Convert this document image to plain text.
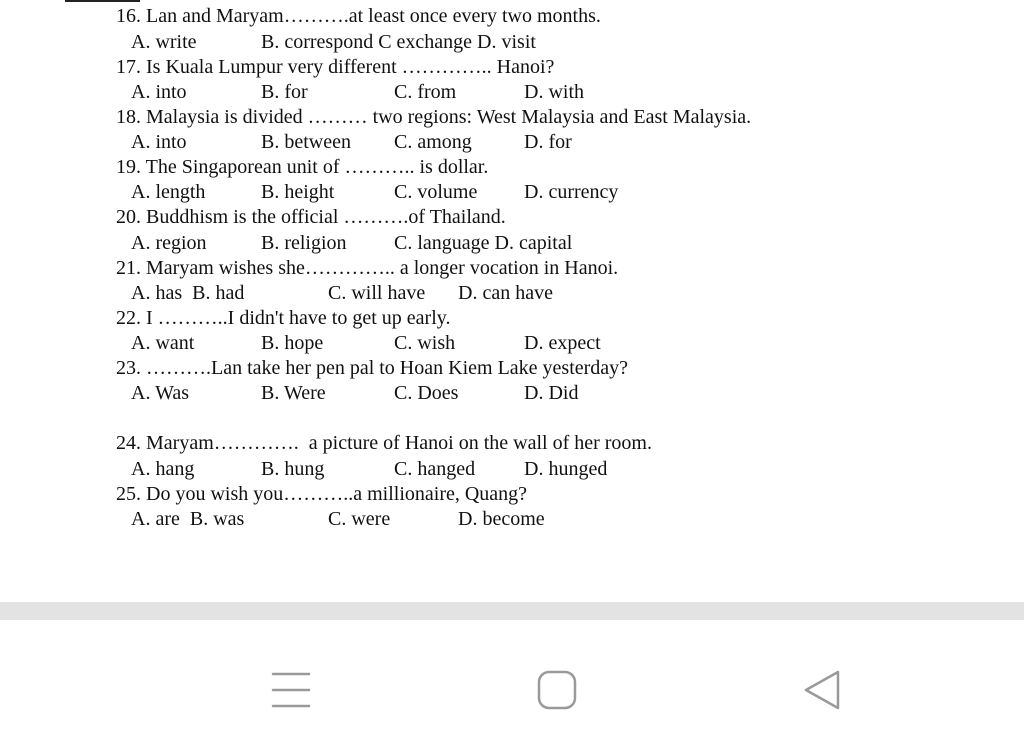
16. Lan and Maryam……….at least once every two months.

A. write

	B. correspond C exchange D. visit

17. Is Kuala Lumpur very different ………….. Hanoi?

A. into

	B. for

	C. from

	D. with

18. Malaysia is divided ……… two regions: West Malaysia and East Malaysia.

A. into

	B. between

C. among

	D. for

19. The Singaporean unit of ……….. is dollar.

A. length

	B. height

	C. volume

D. currency

20. Buddhism is the official ……….of Thailand.

A. region

	B. religion

C. language D. capital

21. Maryam wishes she………….. a longer vocation in Hanoi.

A. has  B. had

	C. will have

D. can have

22. I ………..I didn't have to get up early.

A. want

	B. hope

	C. wish

	D. expect

23. ……….Lan take her pen pal to Hoan Kiem Lake yesterday?

A. Was

	B. Were

	C. Does

	D. Did

24. Maryam………….  a picture of Hanoi on the wall of her room.

A. hang

	B. hung

	C. hanged

D. hunged

25. Do you wish you………..a millionaire, Quang?

A. are  B. was

	C. were

	D. become
